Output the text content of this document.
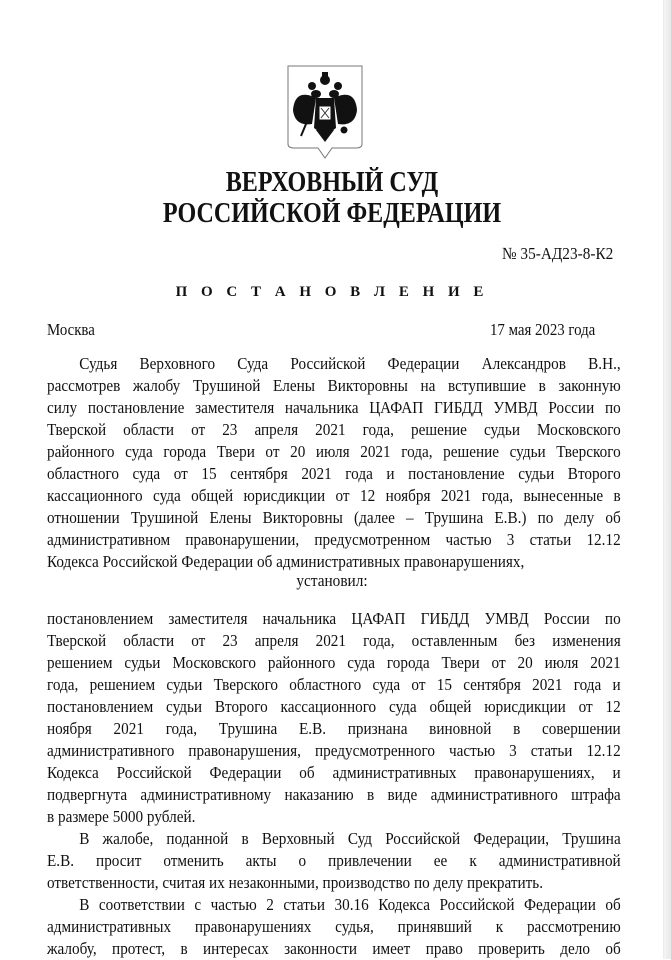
ВЕРХОВНЫЙ СУД
РОССИЙСКОЙ ФЕДЕРАЦИИ
№ 35-АД23-8-К2
П О С Т А Н О В Л Е Н И Е
Москва	17 мая 2023 года
Судья Верховного Суда Российской Федерации Александров В.Н.,
рассмотрев жалобу Трушиной Елены Викторовны на вступившие в законную
силу постановление заместителя начальника ЦАФАП ГИБДД УМВД России по
Тверской области от 23 апреля 2021 года, решение судьи Московского
районного суда города Твери от 20 июля 2021 года, решение судьи Тверского
областного суда от 15 сентября 2021 года и постановление судьи Второго
кассационного суда общей юрисдикции от 12 ноября 2021 года, вынесенные в
отношении Трушиной Елены Викторовны (далее – Трушина Е.В.) по делу об
административном правонарушении, предусмотренном частью 3 статьи 12.12
Кодекса Российской Федерации об административных правонарушениях,
установил:
постановлением заместителя начальника ЦАФАП ГИБДД УМВД России по
Тверской области от 23 апреля 2021 года, оставленным без изменения
решением судьи Московского районного суда города Твери от 20 июля 2021
года, решением судьи Тверского областного суда от 15 сентября 2021 года и
постановлением судьи Второго кассационного суда общей юрисдикции от 12
ноября 2021 года, Трушина Е.В. признана виновной в совершении
административного правонарушения, предусмотренного частью 3 статьи 12.12
Кодекса Российской Федерации об административных правонарушениях, и
подвергнута административному наказанию в виде административного штрафа
в размере 5000 рублей.
В жалобе, поданной в Верховный Суд Российской Федерации, Трушина
Е.В. просит отменить акты о привлечении ее к административной
ответственности, считая их незаконными, производство по делу прекратить.
В соответствии с частью 2 статьи 30.16 Кодекса Российской Федерации об
административных правонарушениях судья, принявший к рассмотрению
жалобу, протест, в интересах законности имеет право проверить дело об
